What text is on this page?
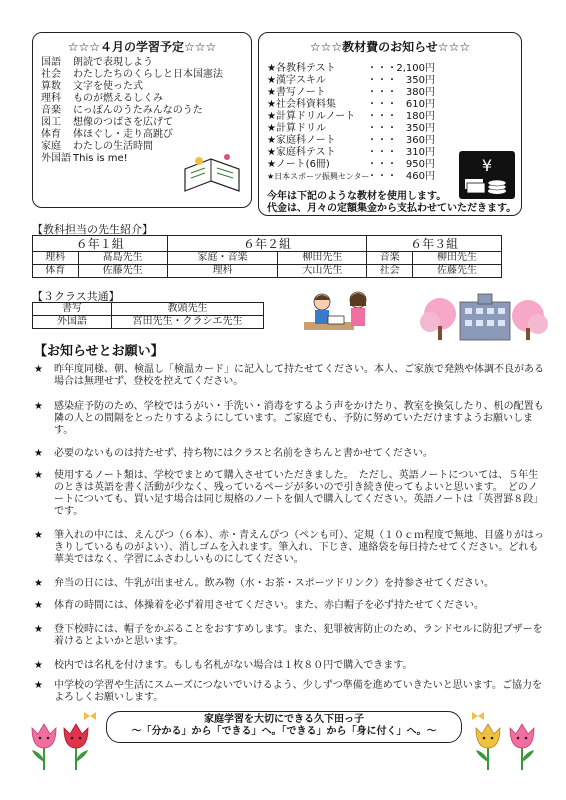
☆☆☆４月の学習予定☆☆☆
国語 朗読で表現しよう
社会 わたしたちのくらしと日本国憲法
算数 文字を使った式
理科 ものが燃えるしくみ
音楽 にっぽんのうたみんなのうた
図工 想像のつばさを広げて
体育 体ほぐし・走り高跳び
家庭 わたしの生活時間
外国語 This is me!
☆☆☆教材費のお知らせ☆☆☆
★各教科テスト	・・・2,100円
★漢字スキル	・・・ 350円
★書写ノート	・・・ 380円
★社会科資料集	・・・ 610円
★計算ドリルノート ・・・ 180円
★計算ドリル	・・・ 350円
★家庭科ノート	・・・ 360円
★家庭科テスト	・・・ 310円
★ノート(6冊)	・・・ 950円
★日本スポーツ振興センター・・・ 460円
¥
今年は下記のような教材を使用します。
代金は、月々の定額集金から支払わせていただきます。
【教科担当の先生紹介】
６年１組		６年２組		６年３組	
理科	髙島先生	家庭・音楽	柳田先生	音楽	柳田先生
体育	佐藤先生	理科	大山先生	社会	佐藤先生
【３クラス共通】
書写	教頭先生
外国語	宮田先生・クラシエ先生
【お知らせとお願い】
★ 昨年度同様、朝、検温し「検温カード」に記入して持たせてください。本人、ご家族で発熱や体調不良がある場合は無理せず、登校を控えてください。
★ 感染症予防のため、学校ではうがい・手洗い・消毒をするよう声をかけたり、教室を換気したり、机の配置も隣の人との間隔をとったりするようにしています。ご家庭でも、予防に努めていただけますようお願いします。
★ 必要のないものは持たせず、持ち物にはクラスと名前をきちんと書かせてください。
★ 使用するノート類は、学校でまとめて購入させていただきました。　ただし、英語ノートについては、５年生のときは英語を書く活動が少なく、残っているページが多いので引き続き使ってもよいと思います。　どのノートについても、買い足す場合は同じ規格のノートを個人で購入してください。英語ノートは「英習罫８段」です。
★ 筆入れの中には、えんぴつ（６本）、赤・青えんぴつ（ペンも可）、定規（１０ｃｍ程度で無地、目盛りがはっきりしているものがよい）、消しゴムを入れます。筆入れ、下じき、連絡袋を毎日持たせてください。どれも華美ではなく、学習にふさわしいものにしてください。
★ 弁当の日には、牛乳が出ません。飲み物（水・お茶・スポーツドリンク）を持参させてください。
★ 体育の時間には、体操着を必ず着用させてください。また、赤白帽子を必ず持たせてください。
★ 登下校時には、帽子をかぶることをおすすめします。また、犯罪被害防止のため、ランドセルに防犯ブザーを着けるとよいかと思います。
★ 校内では名札を付けます。もしも名札がない場合は１枚８０円で購入できます。
★ 中学校の学習や生活にスムーズにつないでいけるよう、少しずつ準備を進めていきたいと思います。ご協力をよろしくお願いします。
家庭学習を大切にできる久下田っ子
～「分かる」から「できる」へ。「できる」から「身に付く」へ。～
